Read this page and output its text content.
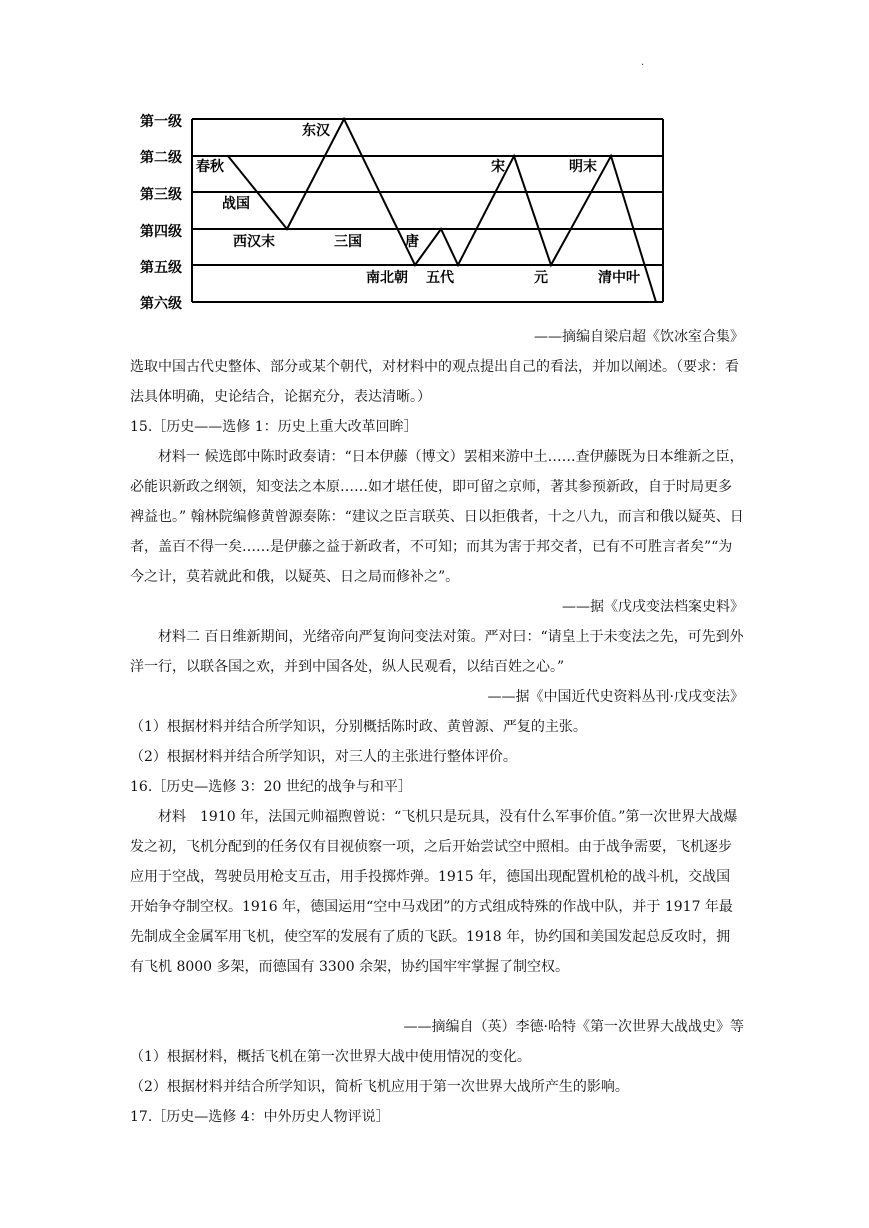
·
第一级
第二级
第三级
第四级
第五级
第六级
春秋
战国
西汉末
东汉
三国
南北朝
唐
五代
宋
元
明末
清中叶
——摘编自梁启超《饮冰室合集》
选取中国古代史整体、部分或某个朝代，对材料中的观点提出自己的看法，并加以阐述。（要求：看法具体明确，史论结合，论据充分，表达清晰。）
15.［历史——选修 1：历史上重大改革回眸］
材料一 候选郎中陈时政奏请：“日本伊藤（博文）罢相来游中土……查伊藤既为日本维新之臣，必能识新政之纲领，知变法之本原……如才堪任使，即可留之京师，著其参预新政，自于时局更多裨益也。” 翰林院编修黄曾源奏陈：“建议之臣言联英、日以拒俄者，十之八九，而言和俄以疑英、日者，盖百不得一矣……是伊藤之益于新政者，不可知；而其为害于邦交者，已有不可胜言者矣”“为今之计，莫若就此和俄，以疑英、日之局而修补之”。
——据《戊戌变法档案史料》
材料二 百日维新期间，光绪帝向严复询问变法对策。严对曰：“请皇上于未变法之先，可先到外洋一行，以联各国之欢，并到中国各处，纵人民观看，以结百姓之心。”
——据《中国近代史资料丛刊·戊戌变法》
（1）根据材料并结合所学知识，分别概括陈时政、黄曾源、严复的主张。
（2）根据材料并结合所学知识，对三人的主张进行整体评价。
16.［历史—选修 3：20 世纪的战争与和平］
材料　1910 年，法国元帅福煦曾说：“飞机只是玩具，没有什么军事价值。”第一次世界大战爆发之初，飞机分配到的任务仅有目视侦察一项，之后开始尝试空中照相。由于战争需要，飞机逐步应用于空战，驾驶员用枪支互击，用手投掷炸弹。1915 年，德国出现配置机枪的战斗机，交战国开始争夺制空权。1916 年，德国运用“空中马戏团”的方式组成特殊的作战中队，并于 1917 年最先制成全金属军用飞机，使空军的发展有了质的飞跃。1918 年，协约国和美国发起总反攻时，拥有飞机 8000 多架，而德国有 3300 余架，协约国牢牢掌握了制空权。
——摘编自（英）李德·哈特《第一次世界大战战史》等
（1）根据材料，概括飞机在第一次世界大战中使用情况的变化。
（2）根据材料并结合所学知识，简析飞机应用于第一次世界大战所产生的影响。
17.［历史—选修 4：中外历史人物评说］
